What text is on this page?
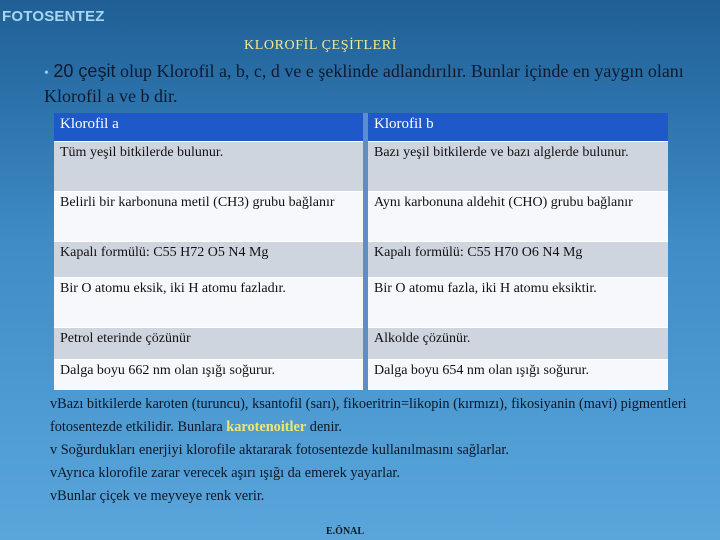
FOTOSENTEZ
KLOROFİL ÇEŞİTLERİ
• 20 çeşit olup Klorofil a, b, c, d ve e şeklinde adlandırılır. Bunlar içinde en yaygın olanı Klorofil a ve b dir.
Klorofil a	Klorofil b
Tüm yeşil bitkilerde bulunur.	Bazı yeşil bitkilerde ve bazı alglerde bulunur.
Belirli bir karbonuna metil (CH3) grubu bağlanır	Aynı karbonuna aldehit (CHO) grubu bağlanır
Kapalı formülü: C55 H72 O5 N4 Mg	Kapalı formülü: C55 H70 O6 N4 Mg
Bir O atomu eksik, iki H atomu fazladır.	Bir O atomu fazla, iki H atomu eksiktir.
Petrol eterinde çözünür	Alkolde çözünür.
Dalga boyu 662 nm olan ışığı soğurur.	Dalga boyu 654 nm olan ışığı soğurur.

vBazı bitkilerde karoten (turuncu), ksantofil (sarı), fikoeritrin=likopin (kırmızı), fikosiyanin (mavi) pigmentleri fotosentezde etkilidir. Bunlara karotenoitler denir.

v Soğurdukları enerjiyi klorofile aktararak fotosentezde kullanılmasını sağlarlar.

vAyrıca klorofile zarar verecek aşırı ışığı da emerek yayarlar.

vBunlar çiçek ve meyveye renk verir.

E.ÖNAL
